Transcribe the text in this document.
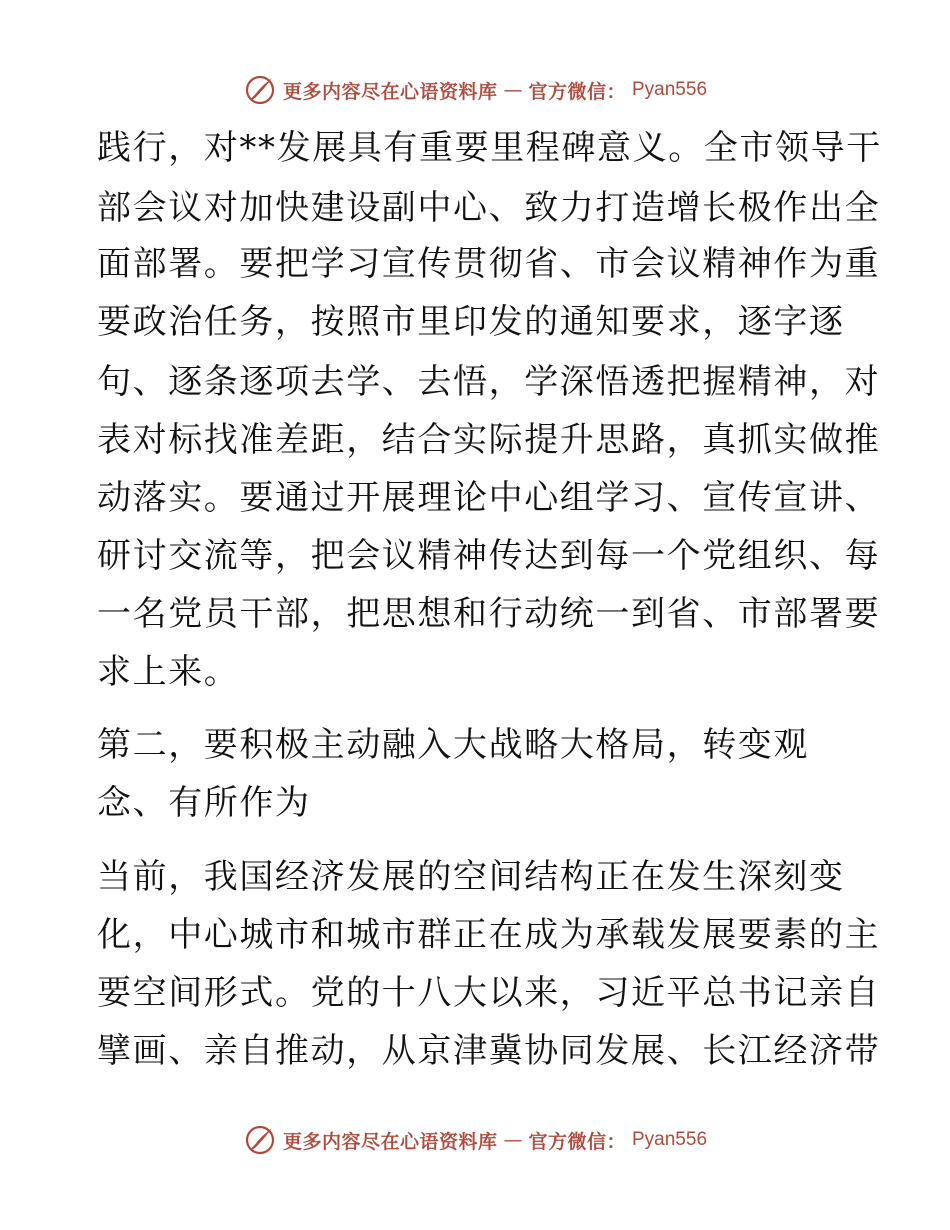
更多内容尽在心语资料库 — 官方微信： Pyan556
践行，对**发展具有重要里程碑意义。全市领导干
部会议对加快建设副中心、致力打造增长极作出全
面部署。要把学习宣传贯彻省、市会议精神作为重
要政治任务，按照市里印发的通知要求，逐字逐
句、逐条逐项去学、去悟，学深悟透把握精神，对
表对标找准差距，结合实际提升思路，真抓实做推
动落实。要通过开展理论中心组学习、宣传宣讲、
研讨交流等，把会议精神传达到每一个党组织、每
一名党员干部，把思想和行动统一到省、市部署要
求上来。
第二，要积极主动融入大战略大格局，转变观
念、有所作为
当前，我国经济发展的空间结构正在发生深刻变
化，中心城市和城市群正在成为承载发展要素的主
要空间形式。党的十八大以来，习近平总书记亲自
擘画、亲自推动，从京津冀协同发展、长江经济带
更多内容尽在心语资料库 — 官方微信： Pyan556
